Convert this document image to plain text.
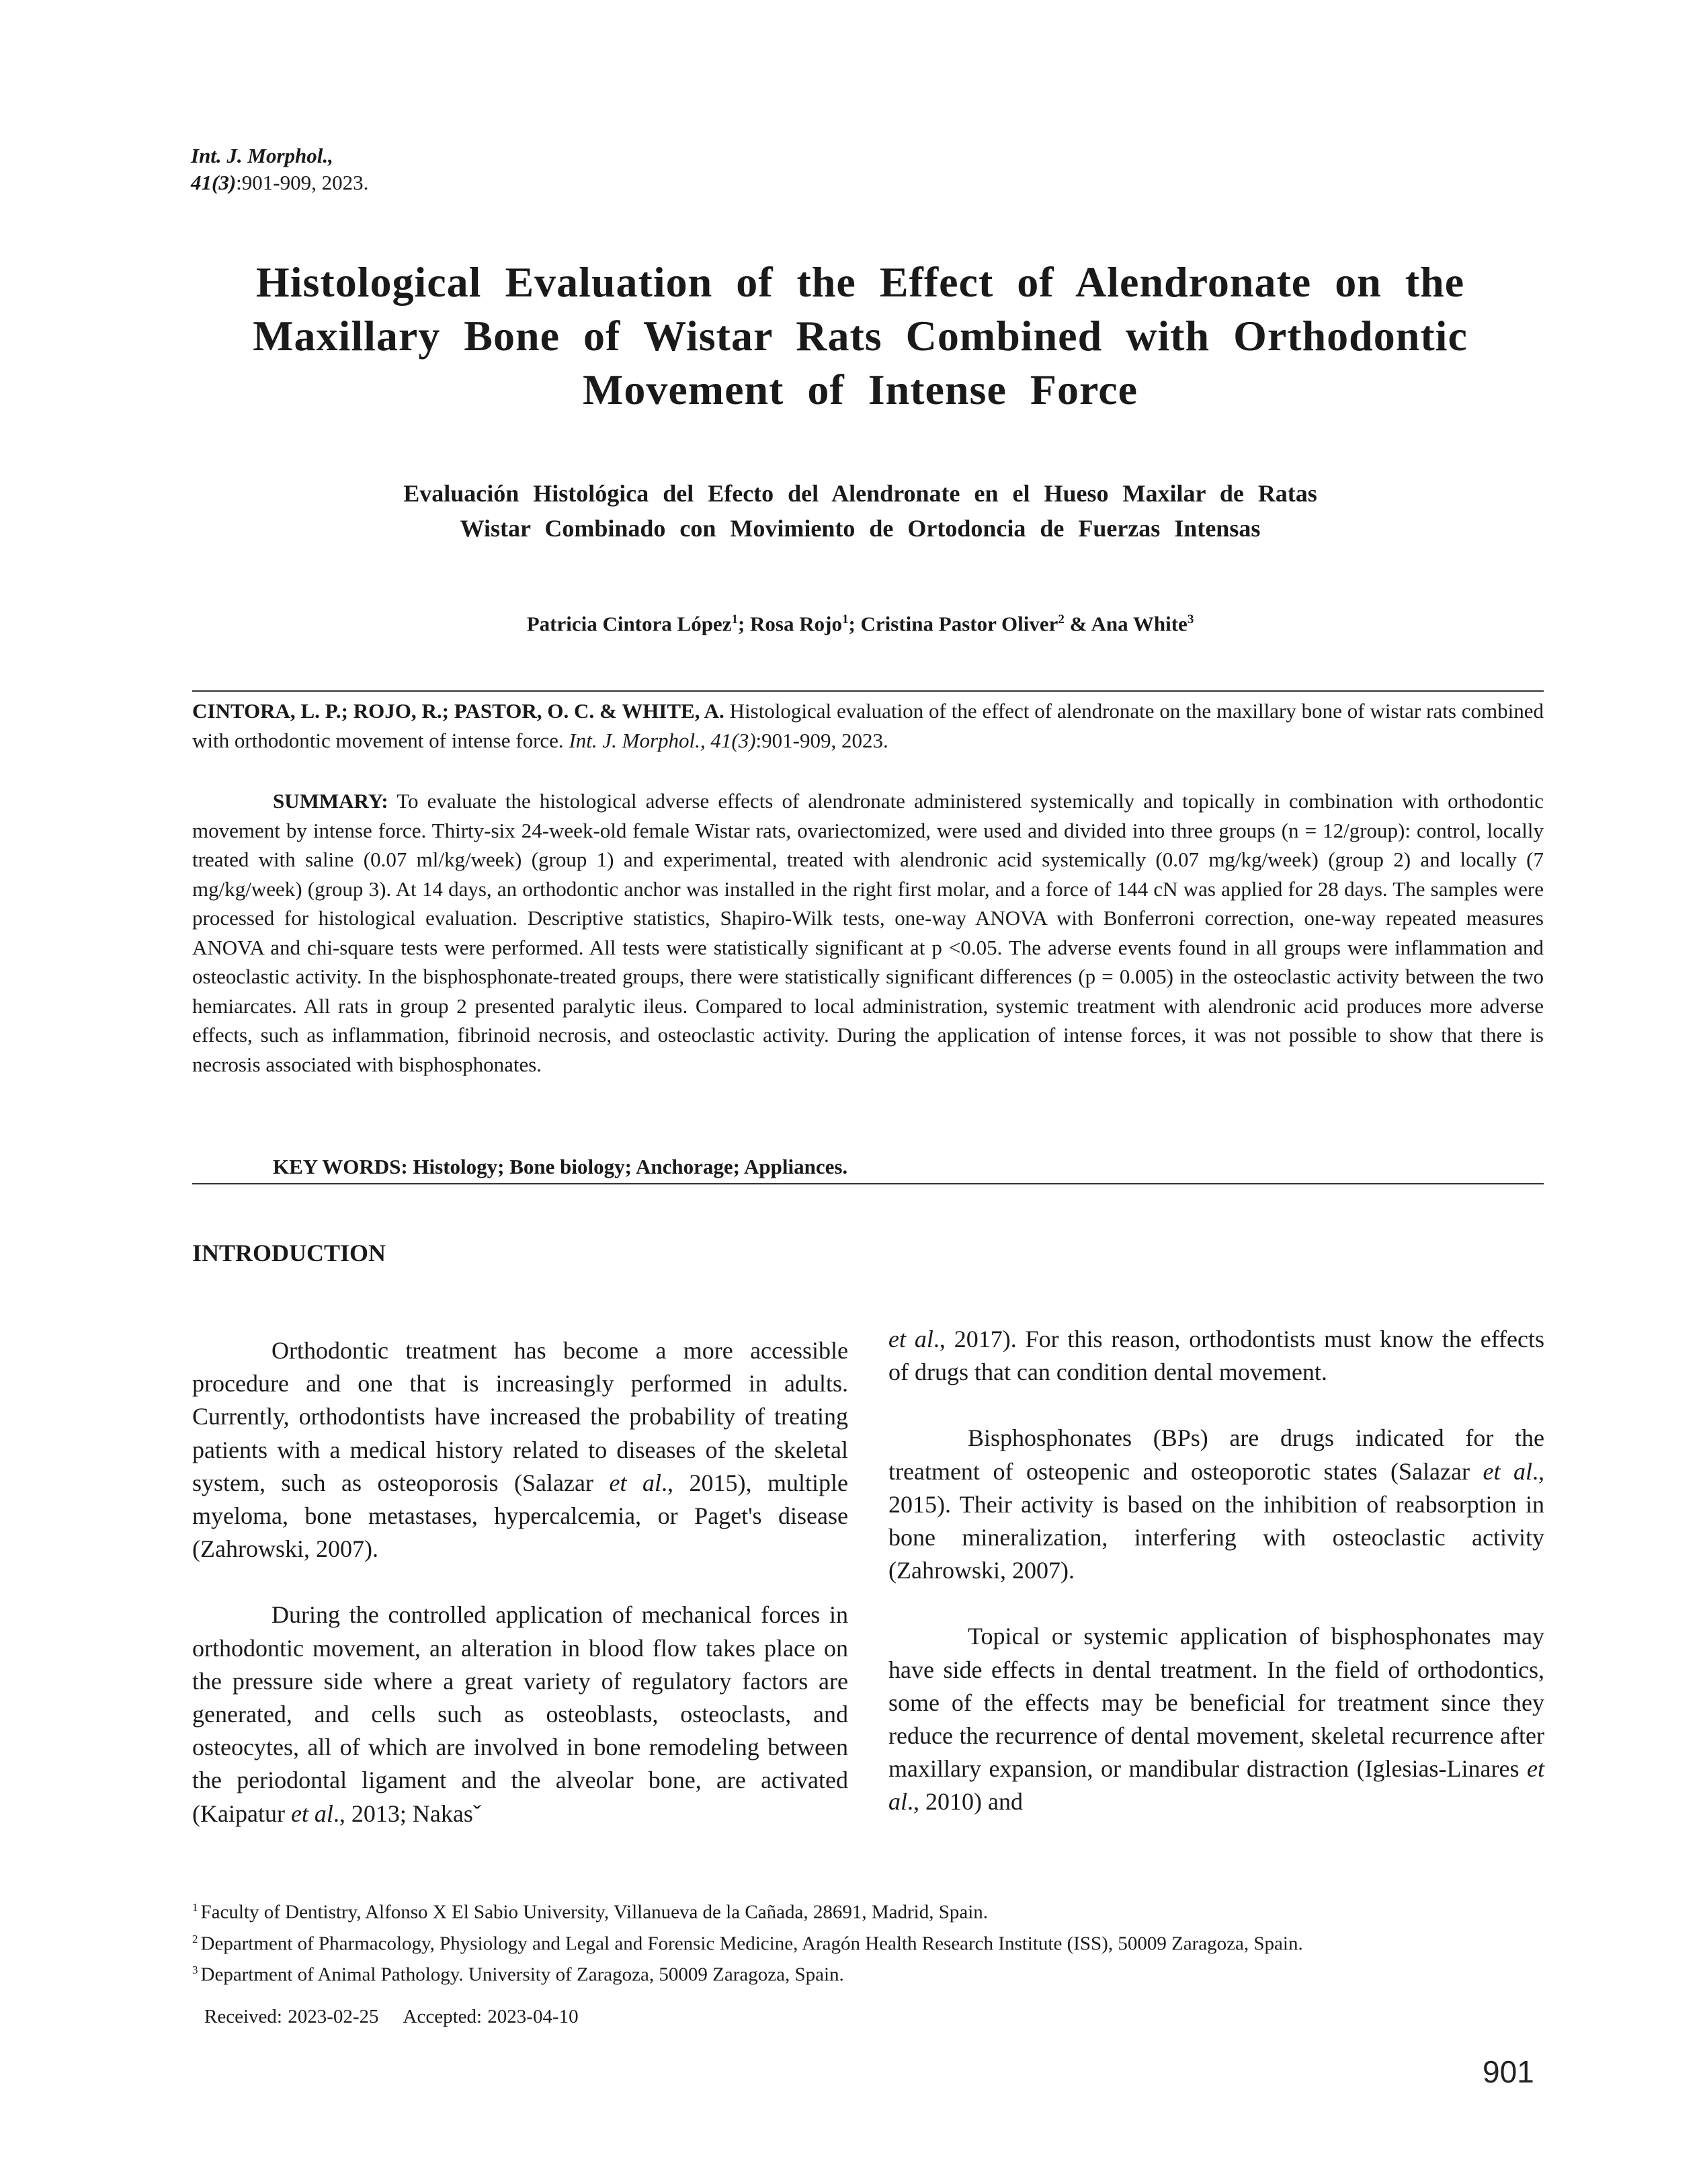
Int. J. Morphol.,
41(3):901-909, 2023.
Histological Evaluation of the Effect of Alendronate on the
Maxillary Bone of Wistar Rats Combined with Orthodontic
Movement of Intense Force
Evaluación Histológica del Efecto del Alendronate en el Hueso Maxilar de Ratas
Wistar Combinado con Movimiento de Ortodoncia de Fuerzas Intensas
Patricia Cintora López$^1$; Rosa Rojo$^1$; Cristina Pastor Oliver$^2$ & Ana White$^3$
CINTORA, L. P.; ROJO, R.; PASTOR, O. C. & WHITE, A. Histological evaluation of the effect of alendronate on the maxillary bone of wistar rats combined with orthodontic movement of intense force. Int. J. Morphol., 41(3):901-909, 2023.
SUMMARY: To evaluate the histological adverse effects of alendronate administered systemically and topically in combination with orthodontic movement by intense force. Thirty-six 24-week-old female Wistar rats, ovariectomized, were used and divided into three groups (n = 12/group): control, locally treated with saline (0.07 ml/kg/week) (group 1) and experimental, treated with alendronic acid systemically (0.07 mg/kg/week) (group 2) and locally (7 mg/kg/week) (group 3). At 14 days, an orthodontic anchor was installed in the right first molar, and a force of 144 cN was applied for 28 days. The samples were processed for histological evaluation. Descriptive statistics, Shapiro-Wilk tests, one-way ANOVA with Bonferroni correction, one-way repeated measures ANOVA and chi-square tests were performed. All tests were statistically significant at p <0.05. The adverse events found in all groups were inflammation and osteoclastic activity. In the bisphosphonate-treated groups, there were statistically significant differences (p = 0.005) in the osteoclastic activity between the two hemiarcates. All rats in group 2 presented paralytic ileus. Compared to local administration, systemic treatment with alendronic acid produces more adverse effects, such as inflammation, fibrinoid necrosis, and osteoclastic activity. During the application of intense forces, it was not possible to show that there is necrosis associated with bisphosphonates.
KEY WORDS: Histology; Bone biology; Anchorage; Appliances.
INTRODUCTION

Orthodontic treatment has become a more accessible procedure and one that is increasingly performed in adults. Currently, orthodontists have increased the probability of treating patients with a medical history related to diseases of the skeletal system, such as osteoporosis (Salazar et al., 2015), multiple myeloma, bone metastases, hypercalcemia, or Paget's disease (Zahrowski, 2007).

During the controlled application of mechanical forces in orthodontic movement, an alteration in blood flow takes place on the pressure side where a great variety of regulatory factors are generated, and cells such as osteoblasts, osteoclasts, and osteocytes, all of which are involved in bone remodeling between the periodontal ligament and the alveolar bone, are activated (Kaipatur et al., 2013; Nakasˇ

et al., 2017). For this reason, orthodontists must know the effects of drugs that can condition dental movement.

Bisphosphonates (BPs) are drugs indicated for the treatment of osteopenic and osteoporotic states (Salazar et al., 2015). Their activity is based on the inhibition of reabsorption in bone mineralization, interfering with osteoclastic activity (Zahrowski, 2007).

Topical or systemic application of bisphosphonates may have side effects in dental treatment. In the field of orthodontics, some of the effects may be beneficial for treatment since they reduce the recurrence of dental movement, skeletal recurrence after maxillary expansion, or mandibular distraction (Iglesias-Linares et al., 2010) and

$^1$ Faculty of Dentistry, Alfonso X El Sabio University, Villanueva de la Cañada, 28691, Madrid, Spain.
$^2$ Department of Pharmacology, Physiology and Legal and Forensic Medicine, Aragón Health Research Institute (ISS), 50009 Zaragoza, Spain.
$^3$ Department of Animal Pathology. University of Zaragoza, 50009 Zaragoza, Spain.
Received: 2023-02-25 Accepted: 2023-04-10
901
